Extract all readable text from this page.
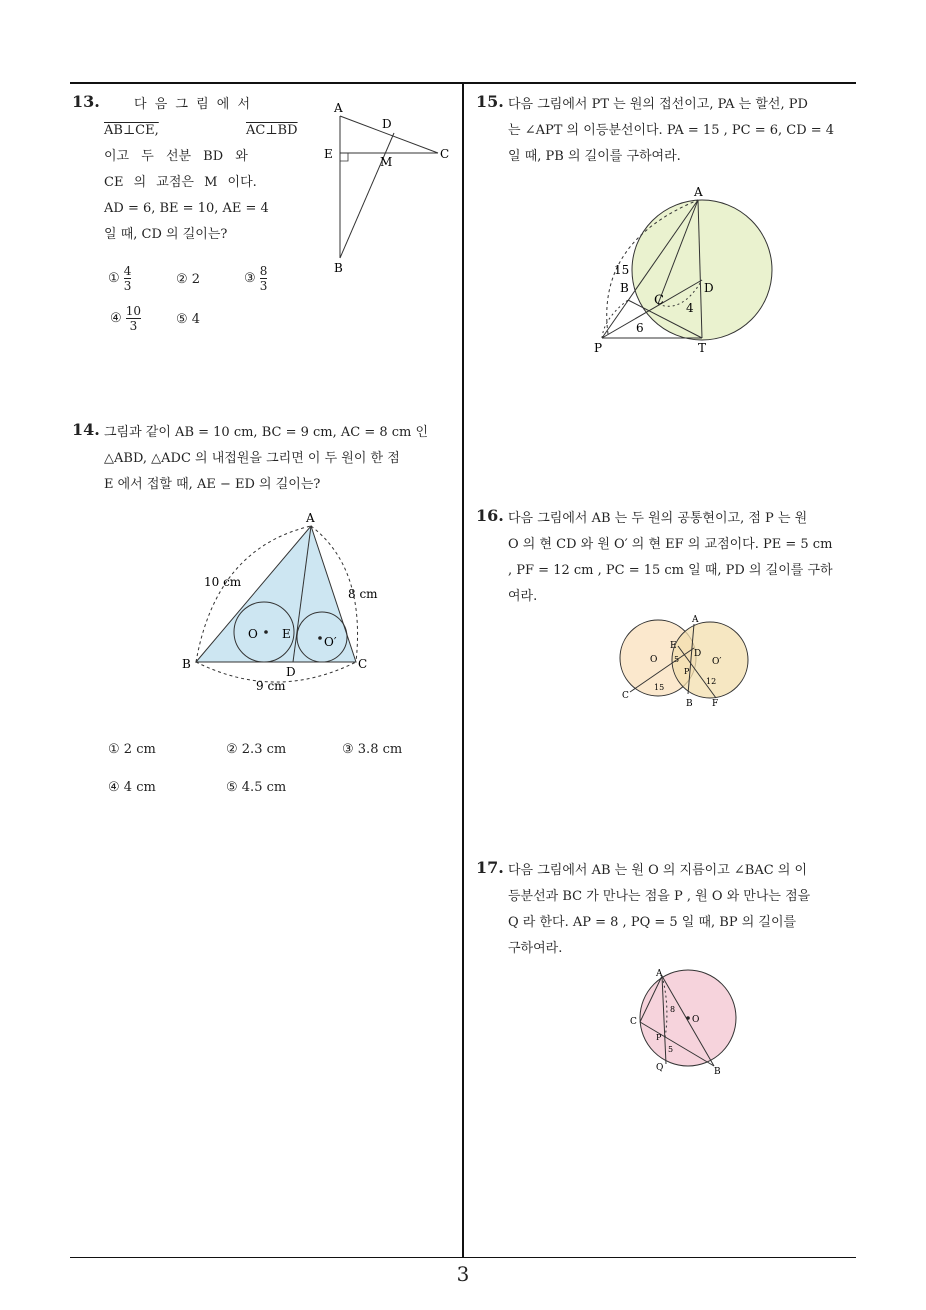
3
13.	다 음 그 림 에 서
AB⊥CE,	AC⊥BD
이고 두 선분 BD 와
CE 의 교점은 M 이다.
AD = 6, BE = 10, AE = 4
일 때, CD 의 길이는?
① $\frac{4}{3}$	② 2	③ $\frac{8}{3}$
④ $\frac{10}{3}$	⑤ 4
A
D
E
M
C
B
14. 그림과 같이 AB = 10 cm, BC = 9 cm, AC = 8 cm 인
△ABD, △ADC 의 내접원을 그리면 이 두 원이 한 점
E 에서 접할 때, AE − ED 의 길이는?
A
B	C
D
E
O
O′
10 cm
8 cm
9 cm
① 2 cm	② 2.3 cm	③ 3.8 cm
④ 4 cm	⑤ 4.5 cm
15. 다음 그림에서 PT 는 원의 접선이고, PA 는 할선, PD
는 ∠APT 의 이등분선이다. PA = 15 , PC = 6, CD = 4
일 때, PB 의 길이를 구하여라.
A
B
C
D
P	T
15
6
4
16. 다음 그림에서 AB 는 두 원의 공통현이고, 점 P 는 원
O 의 현 CD 와 원 O′ 의 현 EF 의 교점이다. PE = 5 cm
, PF = 12 cm , PC = 15 cm 일 때, PD 의 길이를 구하
여라.
A
B
C
D
E
F
O	O′
P
5
15
12
17. 다음 그림에서 AB 는 원 O 의 지름이고 ∠BAC 의 이
등분선과 BC 가 만나는 점을 P , 원 O 와 만나는 점을
Q 라 한다. AP = 8 , PQ = 5 일 때, BP 의 길이를
구하여라.
A
B
C	O
P
Q
8
5
